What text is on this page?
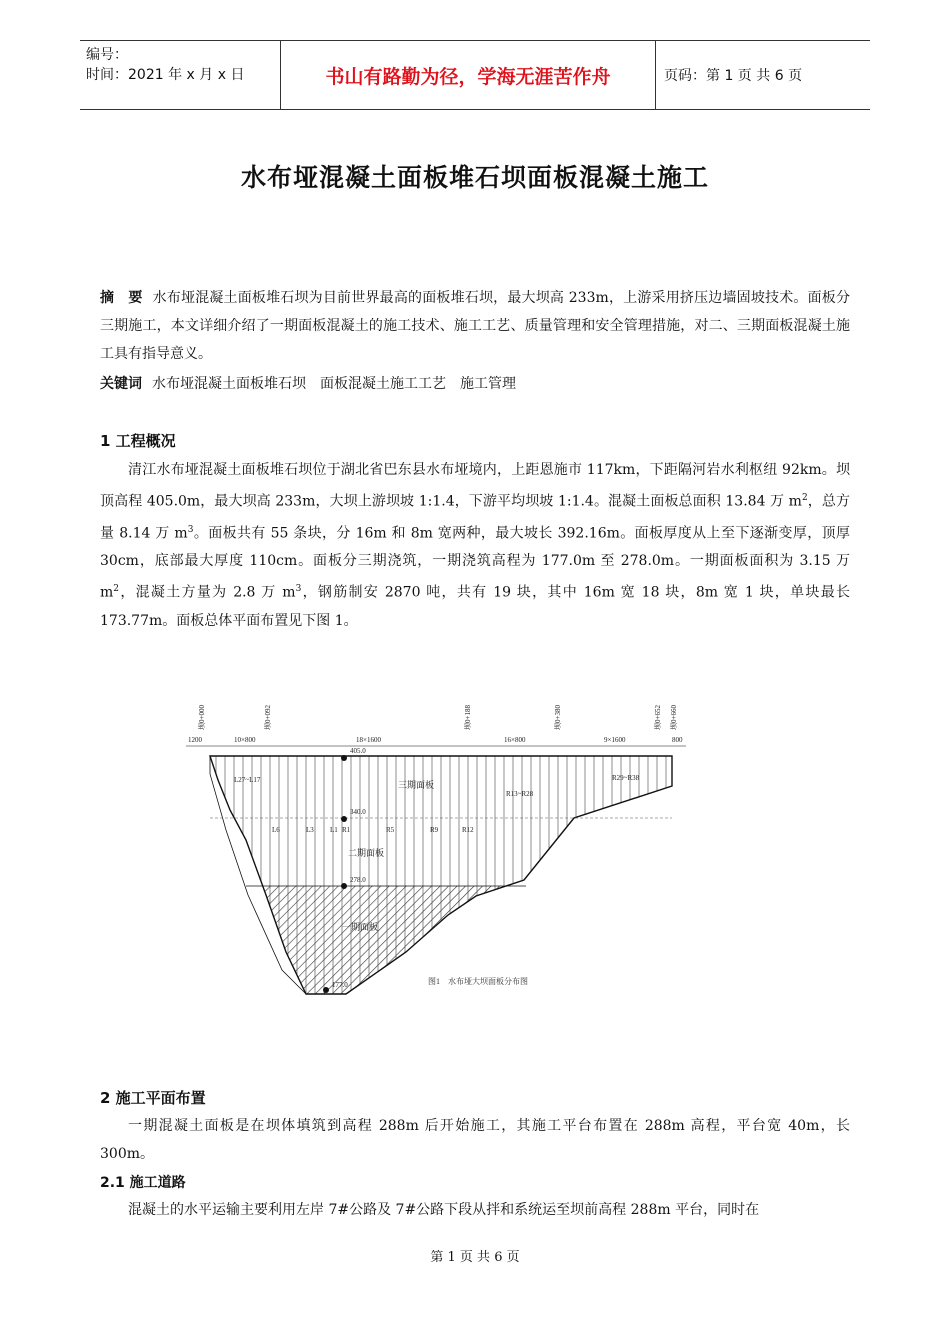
编号：
时间：2021 年 x 月 x 日	书山有路勤为径，学海无涯苦作舟	页码：第 1 页 共 6 页
水布垭混凝土面板堆石坝面板混凝土施工
摘　要 水布垭混凝土面板堆石坝为目前世界最高的面板堆石坝，最大坝高 233m，上游采用挤压边墙固坡技术。面板分三期施工，本文详细介绍了一期面板混凝土的施工技术、施工工艺、质量管理和安全管理措施，对二、三期面板混凝土施工具有指导意义。
关键词 水布垭混凝土面板堆石坝　面板混凝土施工工艺　施工管理
1 工程概况
清江水布垭混凝土面板堆石坝位于湖北省巴东县水布垭境内，上距恩施市 117km，下距隔河岩水利枢纽 92km。坝顶高程 405.0m，最大坝高 233m，大坝上游坝坡 1:1.4，下游平均坝坡 1:1.4。混凝土面板总面积 13.84 万 $m^2$，总方量 8.14 万 $m^3$。面板共有 55 条块，分 16m 和 8m 宽两种，最大坡长 392.16m。面板厚度从上至下逐渐变厚，顶厚 30cm，底部最大厚度 110cm。面板分三期浇筑，一期浇筑高程为 177.0m 至 278.0m。一期面板面积为 3.15 万 $m^2$，混凝土方量为 2.8 万 $m^3$，钢筋制安 2870 吨，共有 19 块，其中 16m 宽 18 块，8m 宽 1 块，单块最长 173.77m。面板总体平面布置见下图 1。
坝0+000	坝0+092	坝0+188	坝0+380	坝0+652 坝0+660
1200	10×800	18×1600	16×800	9×1600	800
405.0
340.0
278.0
177.0
三期面板
二期面板
一期面板
L27~L17
R13~R28
R29~R38
L6	L3 L1 R1	R5	R9	R12
图1　水布垭大坝面板分布图
2 施工平面布置
一期混凝土面板是在坝体填筑到高程 288m 后开始施工，其施工平台布置在 288m 高程，平台宽 40m，长 300m。
2.1 施工道路
混凝土的水平运输主要利用左岸 7#公路及 7#公路下段从拌和系统运至坝前高程 288m 平台，同时在
第 1 页 共 6 页
